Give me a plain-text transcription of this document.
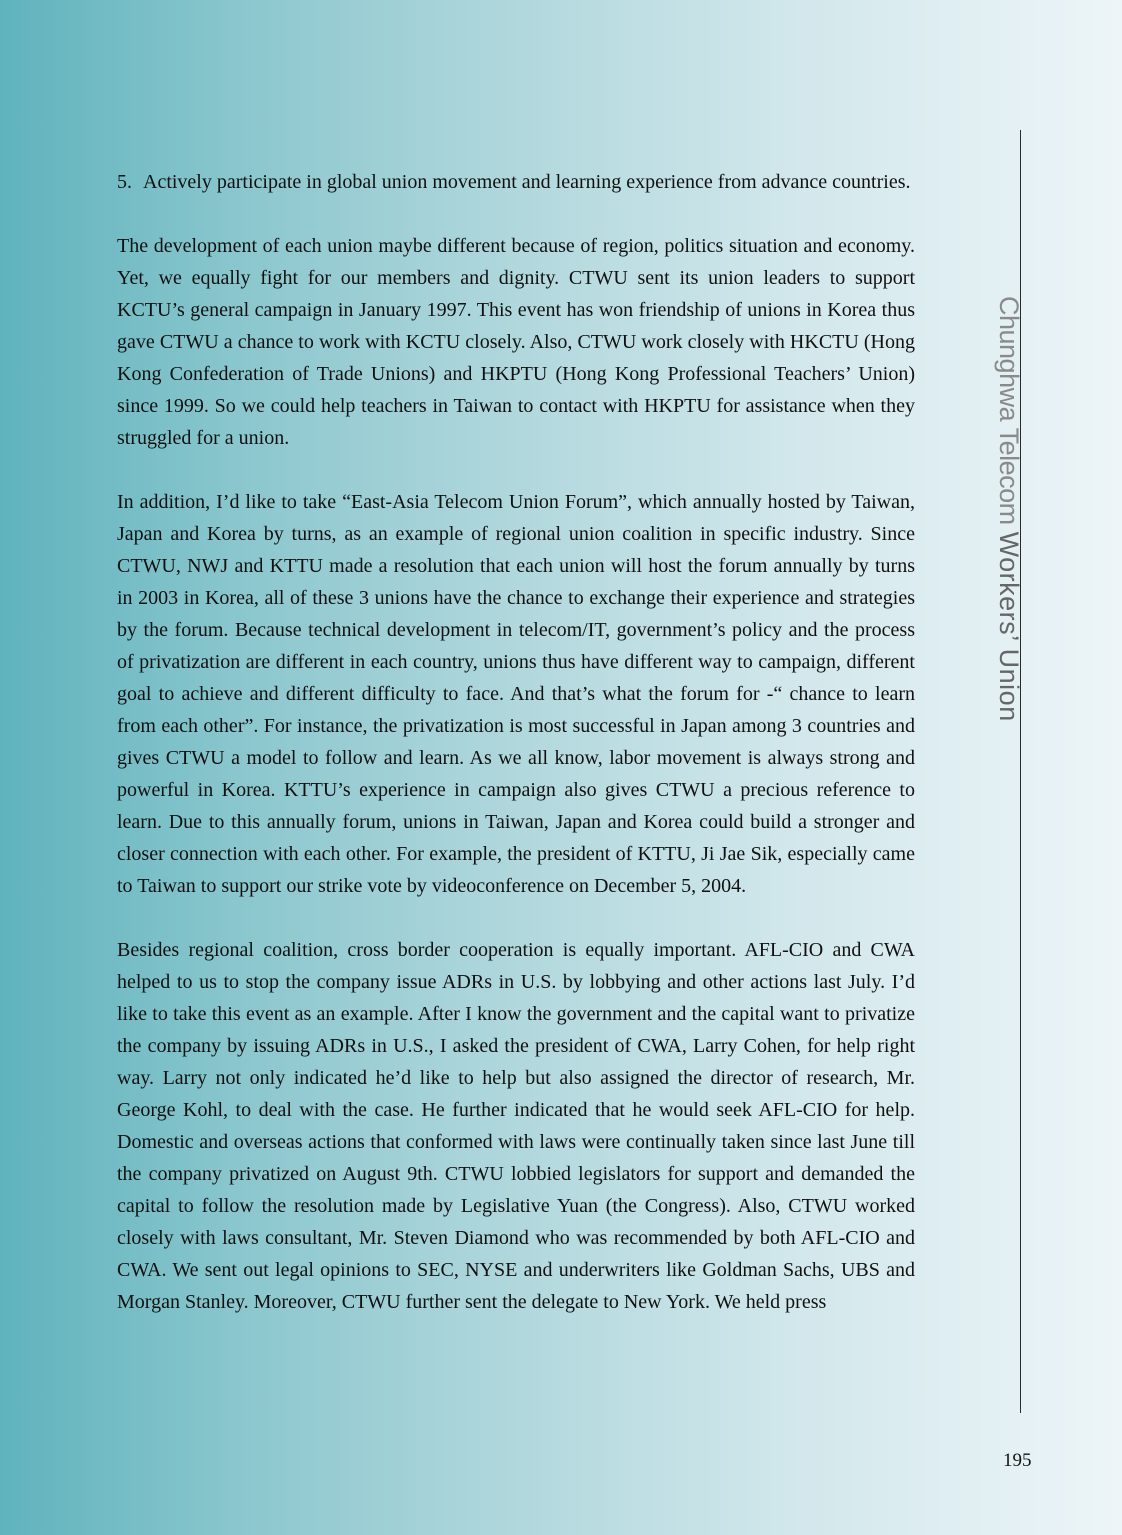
5. Actively participate in global union movement and learning experience from advance countries.

The development of each union maybe different because of region, politics situation and economy. Yet, we equally fight for our members and dignity. CTWU sent its union leaders to support KCTU’s general campaign in January 1997. This event has won friendship of unions in Korea thus gave CTWU a chance to work with KCTU closely. Also, CTWU work closely with HKCTU (Hong Kong Confederation of Trade Unions) and HKPTU (Hong Kong Professional Teachers’ Union) since 1999. So we could help teachers in Taiwan to contact with HKPTU for assistance when they struggled for a union.

In addition, I’d like to take “East-Asia Telecom Union Forum”, which annually hosted by Taiwan, Japan and Korea by turns, as an example of regional union coalition in specific industry. Since CTWU, NWJ and KTTU made a resolution that each union will host the forum annually by turns in 2003 in Korea, all of these 3 unions have the chance to exchange their experience and strategies by the forum. Because technical development in telecom/IT, government’s policy and the process of privatization are different in each country, unions thus have different way to campaign, different goal to achieve and different difficulty to face. And that’s what the forum for -“ chance to learn from each other”. For instance, the privatization is most successful in Japan among 3 countries and gives CTWU a model to follow and learn. As we all know, labor movement is always strong and powerful in Korea. KTTU’s experience in campaign also gives CTWU a precious reference to learn. Due to this annually forum, unions in Taiwan, Japan and Korea could build a stronger and closer connection with each other. For example, the president of KTTU, Ji Jae Sik, especially came to Taiwan to support our strike vote by videoconference on December 5, 2004.

Besides regional coalition, cross border cooperation is equally important. AFL-CIO and CWA helped to us to stop the company issue ADRs in U.S. by lobbying and other actions last July. I’d like to take this event as an example. After I know the government and the capital want to privatize the company by issuing ADRs in U.S., I asked the president of CWA, Larry Cohen, for help right way. Larry not only indicated he’d like to help but also assigned the director of research, Mr. George Kohl, to deal with the case. He further indicated that he would seek AFL-CIO for help. Domestic and overseas actions that conformed with laws were continually taken since last June till the company privatized on August 9th. CTWU lobbied legislators for support and demanded the capital to follow the resolution made by Legislative Yuan (the Congress). Also, CTWU worked closely with laws consultant, Mr. Steven Diamond who was recommended by both AFL-CIO and CWA. We sent out legal opinions to SEC, NYSE and underwriters like Goldman Sachs, UBS and Morgan Stanley. Moreover, CTWU further sent the delegate to New York. We held press

Chunghwa Telecom Workers’ Union
195
